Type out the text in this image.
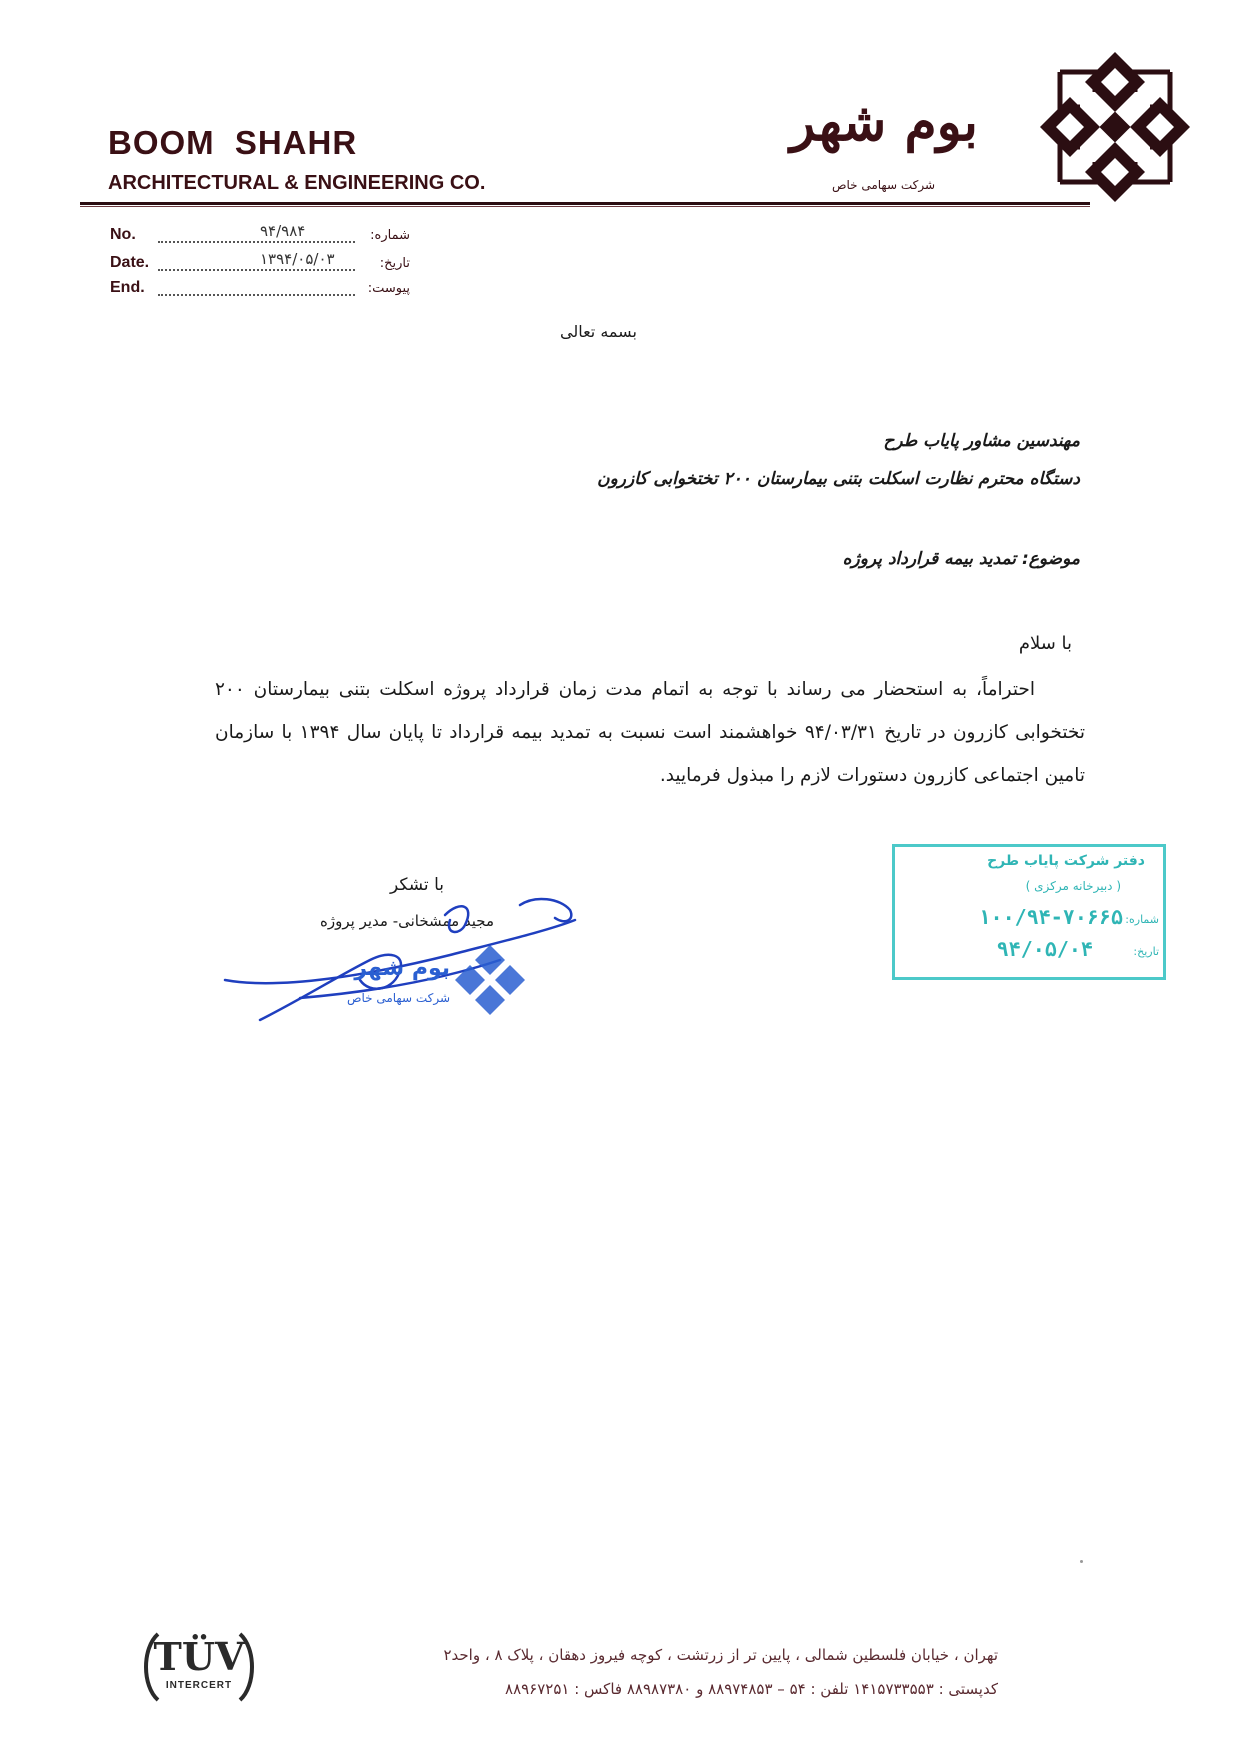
BOOM SHAHR
ARCHITECTURAL & ENGINEERING CO.
بوم شهر
شرکت سهامی خاص
No.	۹۴/۹۸۴	شماره:
Date.	۱۳۹۴/۰۵/۰۳	تاریخ:
End.	پیوست:
بسمه تعالی
مهندسین مشاور پایاب طرح
دستگاه محترم نظارت اسکلت بتنی بیمارستان ۲۰۰ تختخوابی کازرون
موضوع: تمدید بیمه قرارداد پروژه
با سلام
احتراماً، به استحضار می رساند با توجه به اتمام مدت زمان قرارداد پروژه اسکلت بتنی بیمارستان ۲۰۰ تختخوابی کازرون در تاریخ ۹۴/۰۳/۳۱ خواهشمند است نسبت به تمدید بیمه قرارداد تا پایان سال ۱۳۹۴ با سازمان تامین اجتماعی کازرون دستورات لازم را مبذول فرمایید.
با تشکر
مجید ممشخانی- مدیر پروژه
بوم شهر
شرکت سهامی خاص
دفتر شرکت پایاب طرح
( دبیرخانه مرکزی )
شماره:
۱۰۰/۹۴-۷۰۶۶۵
تاریخ:
۹۴/۰۵/۰۴
TÜV
INTERCERT
تهران ، خیابان فلسطین شمالی ، پایین تر از زرتشت ، کوچه فیروز دهقان ، پلاک ۸ ، واحد۲
کدپستی : ۱۴۱۵۷۳۳۵۵۳ تلفن : ۵۴ – ۸۸۹۷۴۸۵۳ و ۸۸۹۸۷۳۸۰ فاکس : ۸۸۹۶۷۲۵۱
